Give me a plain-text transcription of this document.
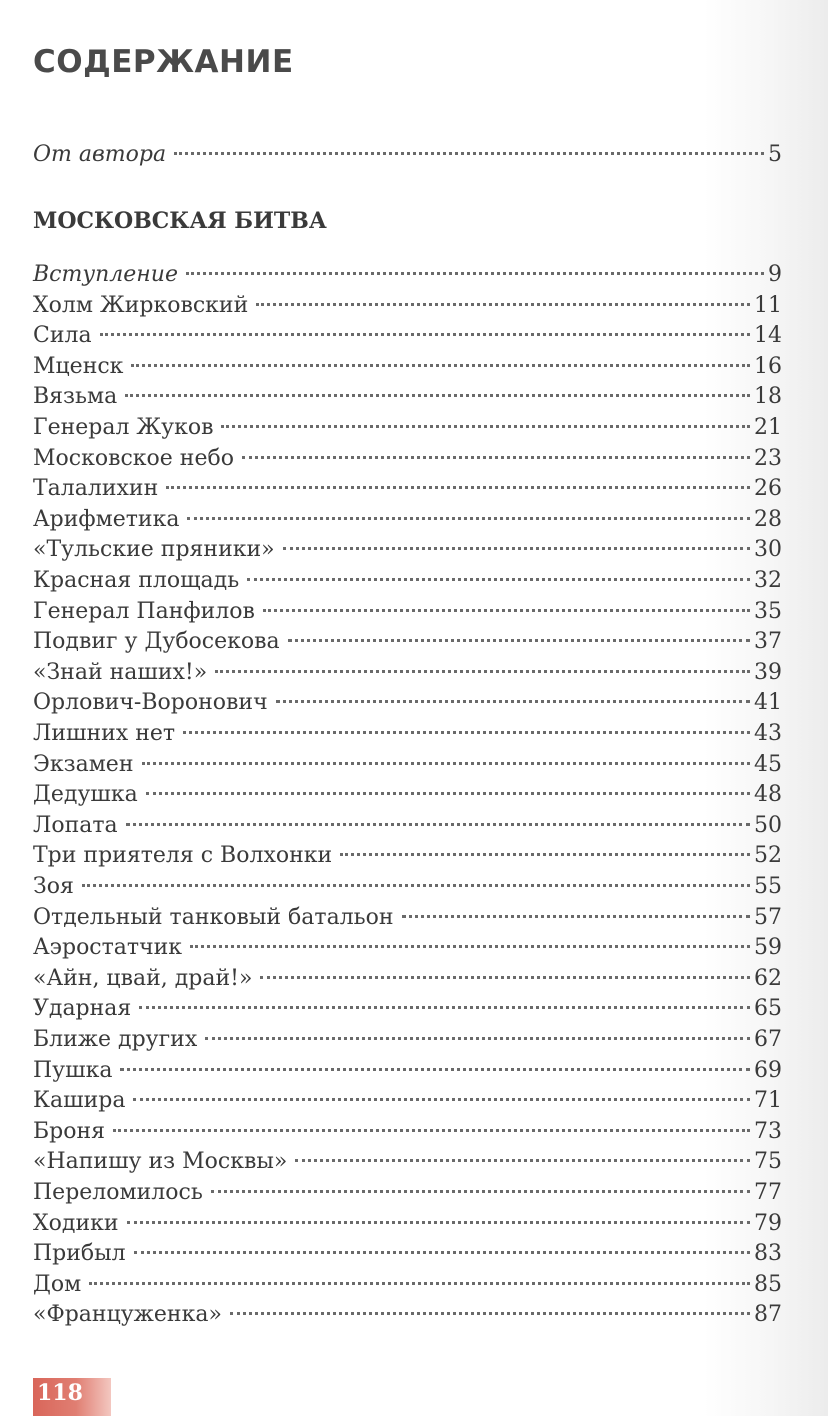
СОДЕРЖАНИЕ
От автора	5
МОСКОВСКАЯ БИТВА
Вступление	9
Холм Жирковский	11
Сила	14
Мценск	16
Вязьма	18
Генерал Жуков	21
Московское небо	23
Талалихин	26
Арифметика	28
«Тульские пряники»	30
Красная площадь	32
Генерал Панфилов	35
Подвиг у Дубосекова	37
«Знай наших!»	39
Орлович-Воронович	41
Лишних нет	43
Экзамен	45
Дедушка	48
Лопата	50
Три приятеля с Волхонки	52
Зоя	55
Отдельный танковый батальон	57
Аэростатчик	59
«Айн, цвай, драй!»	62
Ударная	65
Ближе других	67
Пушка	69
Кашира	71
Броня	73
«Напишу из Москвы»	75
Переломилось	77
Ходики	79
Прибыл	83
Дом	85
«Француженка»	87
118
